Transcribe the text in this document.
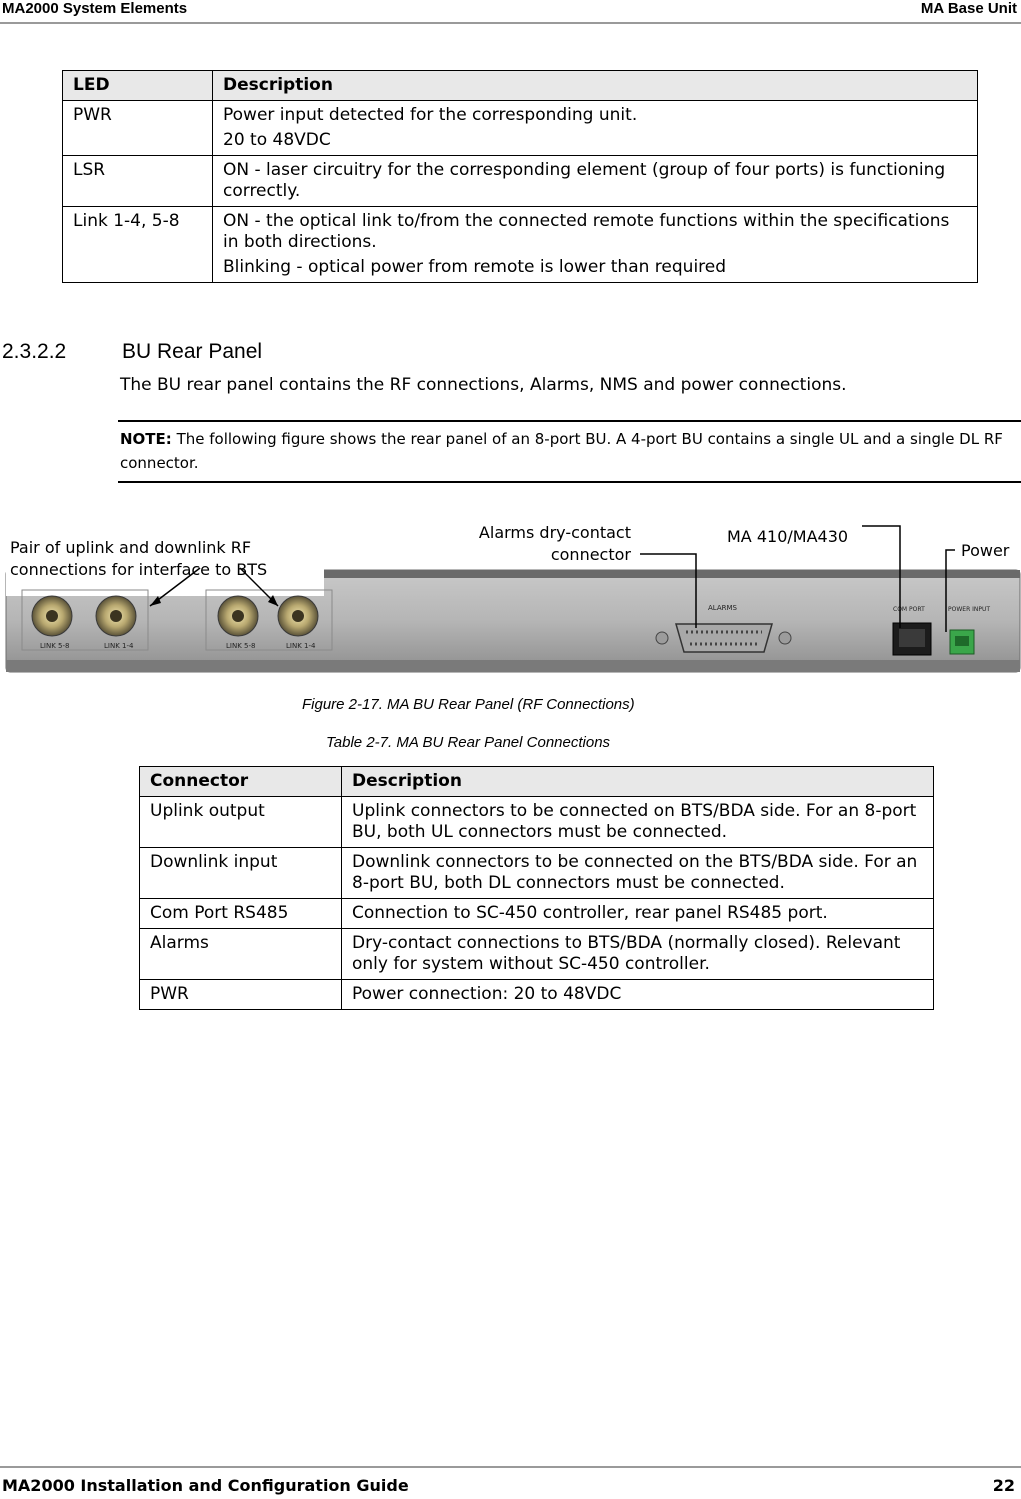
MA2000 System Elements	MA Base Unit
LED	Description
PWR	Power input detected for the corresponding unit.

20 to 48VDC

LSR	ON - laser circuitry for the corresponding element (group of four ports) is functioning correctly.

Link 1-4, 5-8	ON - the optical link to/from the connected remote functions within the specifications in both directions.

Blinking - optical power from remote is lower than required

2.3.2.2	BU Rear Panel
The BU rear panel contains the RF connections, Alarms, NMS and power connections.
NOTE: The following figure shows the rear panel of an 8-port BU. A 4-port BU contains a single UL and a single DL RF connector.
Pair of uplink and downlink RF
connections for interface to BTS
LINK 5-8	LINK 1-4	LINK 5-8	LINK 1-4
ALARMS	COM PORT	POWER INPUT
Alarms dry-contact
connector
MA 410/MA430
Power
Figure 2-17. MA BU Rear Panel (RF Connections)
Table 2-7. MA BU Rear Panel Connections
Connector	Description
Uplink output	Uplink connectors to be connected on BTS/BDA side. For an 8-port BU, both UL connectors must be connected.
Downlink input	Downlink connectors to be connected on the BTS/BDA side. For an 8-port BU, both DL connectors must be connected.
Com Port RS485	Connection to SC-450 controller, rear panel RS485 port.
Alarms	Dry-contact connections to BTS/BDA (normally closed). Relevant only for system without SC-450 controller.
PWR	Power connection: 20 to 48VDC
MA2000 Installation and Configuration Guide	22
